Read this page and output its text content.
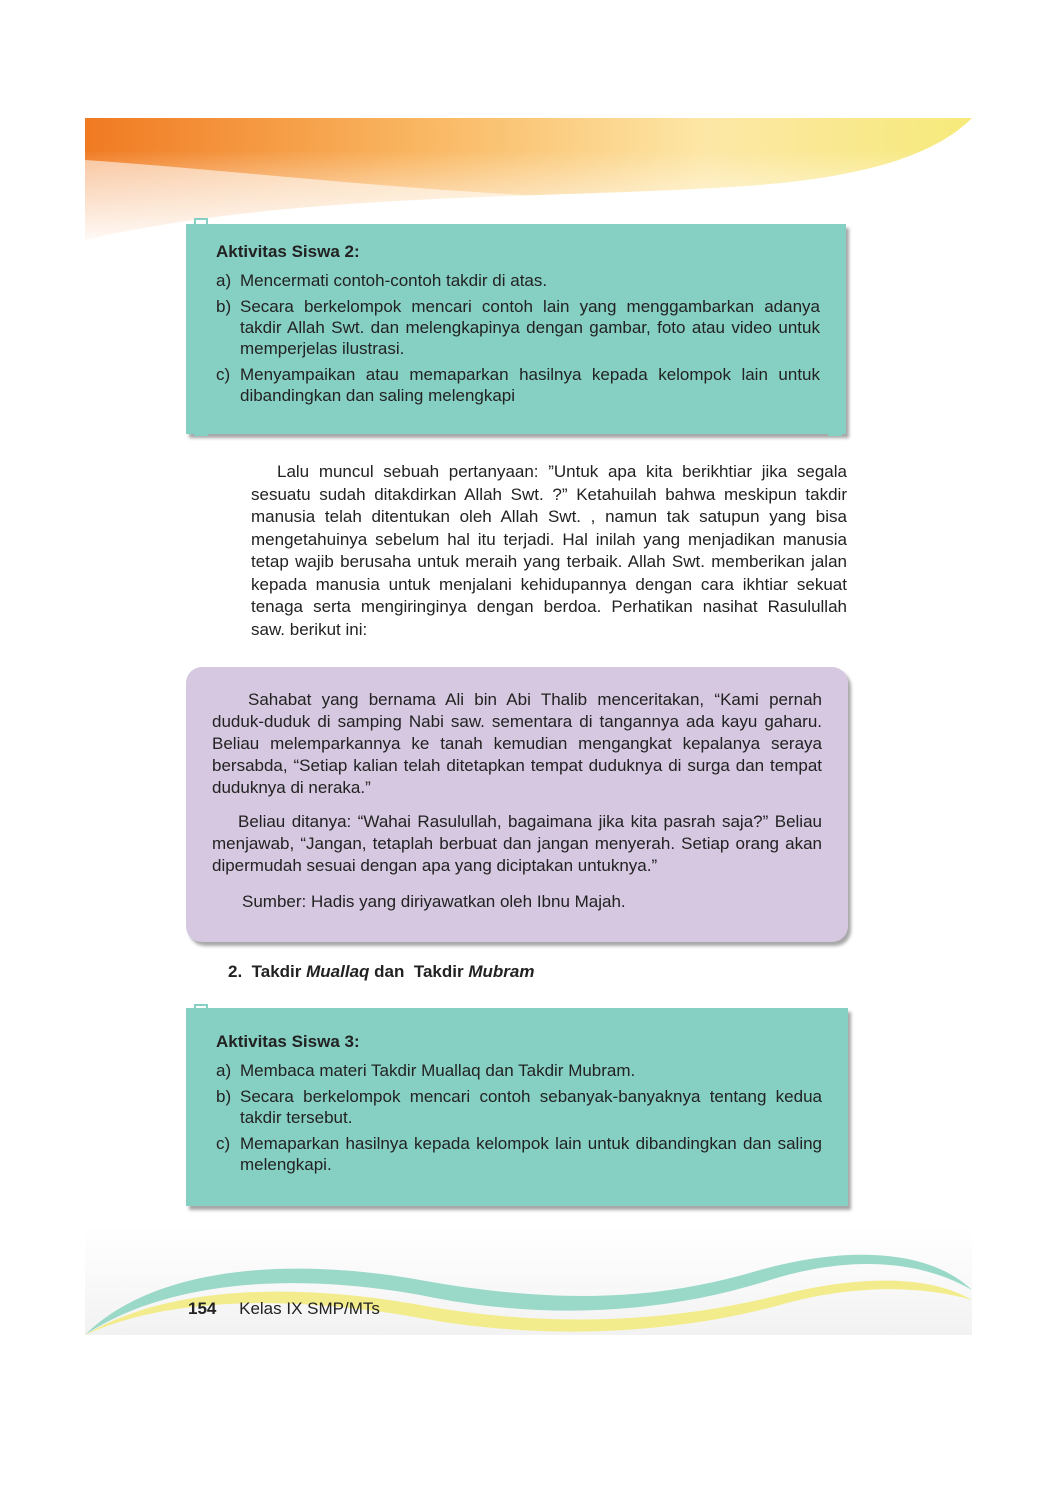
Aktivitas Siswa 2:
a) Mencermati contoh-contoh takdir di atas.
b) Secara berkelompok mencari contoh lain yang menggambarkan adanya takdir Allah Swt. dan melengkapinya dengan gambar, foto atau video untuk memperjelas ilustrasi.
c) Menyampaikan atau memaparkan hasilnya kepada kelompok lain untuk dibandingkan dan saling melengkapi
Lalu muncul sebuah pertanyaan: ”Untuk apa kita berikhtiar jika segala sesuatu sudah ditakdirkan Allah Swt. ?” Ketahuilah bahwa meskipun takdir manusia telah ditentukan oleh Allah Swt. , namun tak satupun yang bisa mengetahuinya sebelum hal itu terjadi. Hal inilah yang menjadikan manusia tetap wajib berusaha untuk meraih yang terbaik. Allah Swt. memberikan jalan kepada manusia untuk menjalani kehidupannya dengan cara ikhtiar sekuat tenaga serta mengiringinya dengan berdoa. Perhatikan nasihat Rasulullah saw. berikut ini:

Sahabat yang bernama Ali bin Abi Thalib menceritakan, “Kami pernah duduk-duduk di samping Nabi saw. sementara di tangannya ada kayu gaharu. Beliau melemparkannya ke tanah kemudian mengangkat kepalanya seraya bersabda, “Setiap kalian telah ditetapkan tempat duduknya di surga dan tempat duduknya di neraka.”

Beliau ditanya: “Wahai Rasulullah, bagaimana jika kita pasrah saja?” Beliau menjawab, “Jangan, tetaplah berbuat dan jangan menyerah. Setiap orang akan dipermudah sesuai dengan apa yang diciptakan untuknya.”

Sumber: Hadis yang diriyawatkan oleh Ibnu Majah.

2. Takdir Muallaq dan Takdir Mubram
Aktivitas Siswa 3:
a) Membaca materi Takdir Muallaq dan Takdir Mubram.
b) Secara berkelompok mencari contoh sebanyak-banyaknya tentang kedua takdir tersebut.
c) Memaparkan hasilnya kepada kelompok lain untuk dibandingkan dan saling melengkapi.
154 Kelas IX SMP/MTs
